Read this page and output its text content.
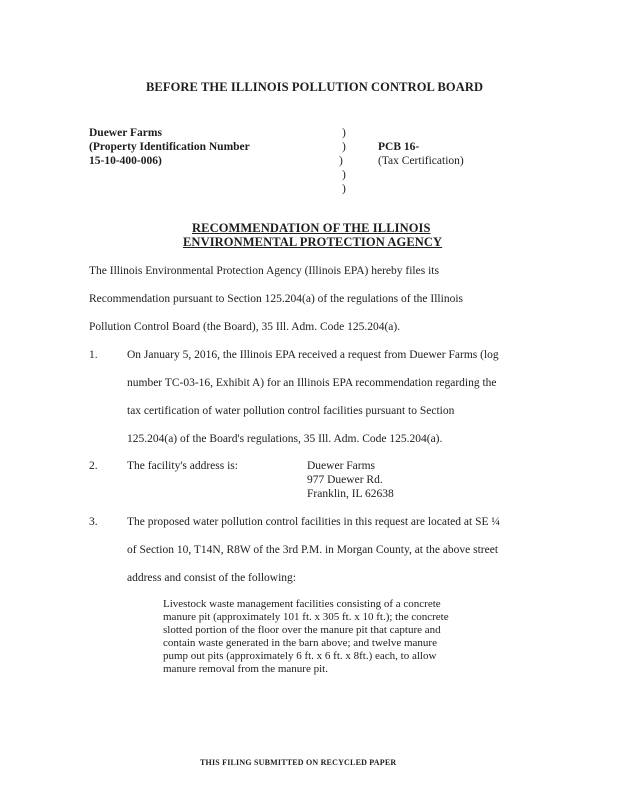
BEFORE THE ILLINOIS POLLUTION CONTROL BOARD
Duewer Farms
(Property Identification Number
15-10-400-006)
)
)
)
)
)
PCB 16-
(Tax Certification)
RECOMMENDATION OF THE ILLINOIS
ENVIRONMENTAL PROTECTION AGENCY
The Illinois Environmental Protection Agency (Illinois EPA) hereby files its
Recommendation pursuant to Section 125.204(a) of the regulations of the Illinois
Pollution Control Board (the Board), 35 Ill. Adm. Code 125.204(a).
1.	On January 5, 2016, the Illinois EPA received a request from Duewer Farms (log
number TC-03-16, Exhibit A) for an Illinois EPA recommendation regarding the
tax certification of water pollution control facilities pursuant to Section
125.204(a) of the Board's regulations, 35 Ill. Adm. Code 125.204(a).
2.	The facility's address is:	Duewer Farms
977 Duewer Rd.
Franklin, IL 62638
3.	The proposed water pollution control facilities in this request are located at SE ¼
of Section 10, T14N, R8W of the 3rd P.M. in Morgan County, at the above street
address and consist of the following:
Livestock waste management facilities consisting of a concrete
manure pit (approximately 101 ft. x 305 ft. x 10 ft.); the concrete
slotted portion of the floor over the manure pit that capture and
contain waste generated in the barn above; and twelve manure
pump out pits (approximately 6 ft. x 6 ft. x 8ft.) each, to allow
manure removal from the manure pit.
THIS FILING SUBMITTED ON RECYCLED PAPER
